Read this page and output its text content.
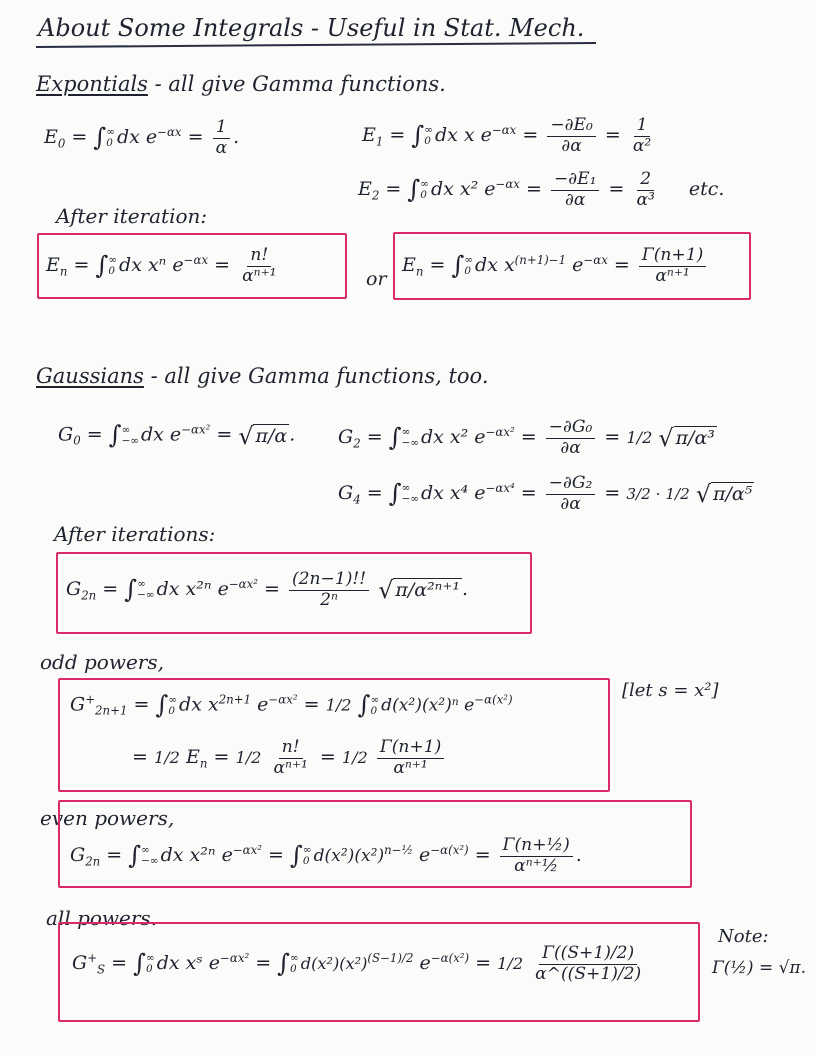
About Some Integrals - Useful in Stat. Mech.
Expontials - all give Gamma functions.
$E_0$ = ∫ ∞
0 dx $e^{-\alpha x} = \frac{1}{\alpha}$ .	$E_1$ = ∫ ∞
0 dx x $e^{-\alpha x} = \frac{\text{−∂E₀}}{\partial\alpha} = \frac{1}{\text{α²}}$
$E_2$ = ∫ ∞
0 dx x² $e^{-\alpha x} = \frac{\text{−∂E₁}}{\partial\alpha} = \frac{2}{\text{α³}}$ etc.
After iteration:
$E_n$ = ∫ ∞
0 dx xⁿ $e^{-\alpha x} = \frac{n!}{\text{αⁿ⁺¹}}$	or
$E_n$ = ∫ ∞
0 dx $x^{(n+1)-1}$ $e^{-\alpha x} = \frac{\Gamma(n+1)}{\text{αⁿ⁺¹}}$
Gaussians - all give Gamma functions, too.
$G_0$ = ∫ ∞
−∞ dx $e^{-\alpha x^2}$ = √ π/α . $G_2$ = ∫ ∞
−∞ dx x² $e^{-\alpha x^2} = \frac{\text{−∂G₀}}{\partial\alpha} = 1/2$ √ π/α³
$G_4$ = ∫ ∞
−∞ dx x⁴ $e^{-\alpha x^4} = \frac{\text{−∂G₂}}{\partial\alpha} = 3/2 \cdot 1/2$ √ π/α⁵
After iterations:
$G_{2n}$ = ∫ ∞
−∞ dx x²ⁿ $e^{-\alpha x^2} = \frac{(2n-1)!!}{\text{2ⁿ}}$
√ π/α²ⁿ⁺¹ .
odd powers,
$G^+_{2n+1}$ = ∫ ∞
0 dx $x^{2n+1}$ $e^{-\alpha x^2} = 1/2$ ∫ ∞
0 d(x²)(x²)ⁿ $e^{-\alpha(x^2)}$	[let s = x²]
= 1/2 $E_n = 1/2 \frac{n!}{\text{αⁿ⁺¹}} = 1/2 \frac{\Gamma(n+1)}{\text{αⁿ⁺¹}}$
even powers,
$G_{2n}$ = ∫ ∞
−∞ dx x²ⁿ $e^{-\alpha x^2}$ = ∫ ∞
0 $d(x^2)(x^2)^{n-\frac{1}{2}}$ $e^{-\alpha(x^2)} = \frac{\text{Γ(n+½)}}{\text{αⁿ⁺½}}$ .
all powers.
$G^+_S$ = ∫ ∞
0 dx xˢ $e^{-\alpha x^2}$ = ∫ ∞
0 $d(x^2)(x^2)^{(S-1)/2}$ $e^{-\alpha(x^2)} = 1/2 \frac{\Gamma((S+1)/2)}{\alpha\^{}((S+1)/2)}$
Note:
Γ(½) = √π.
